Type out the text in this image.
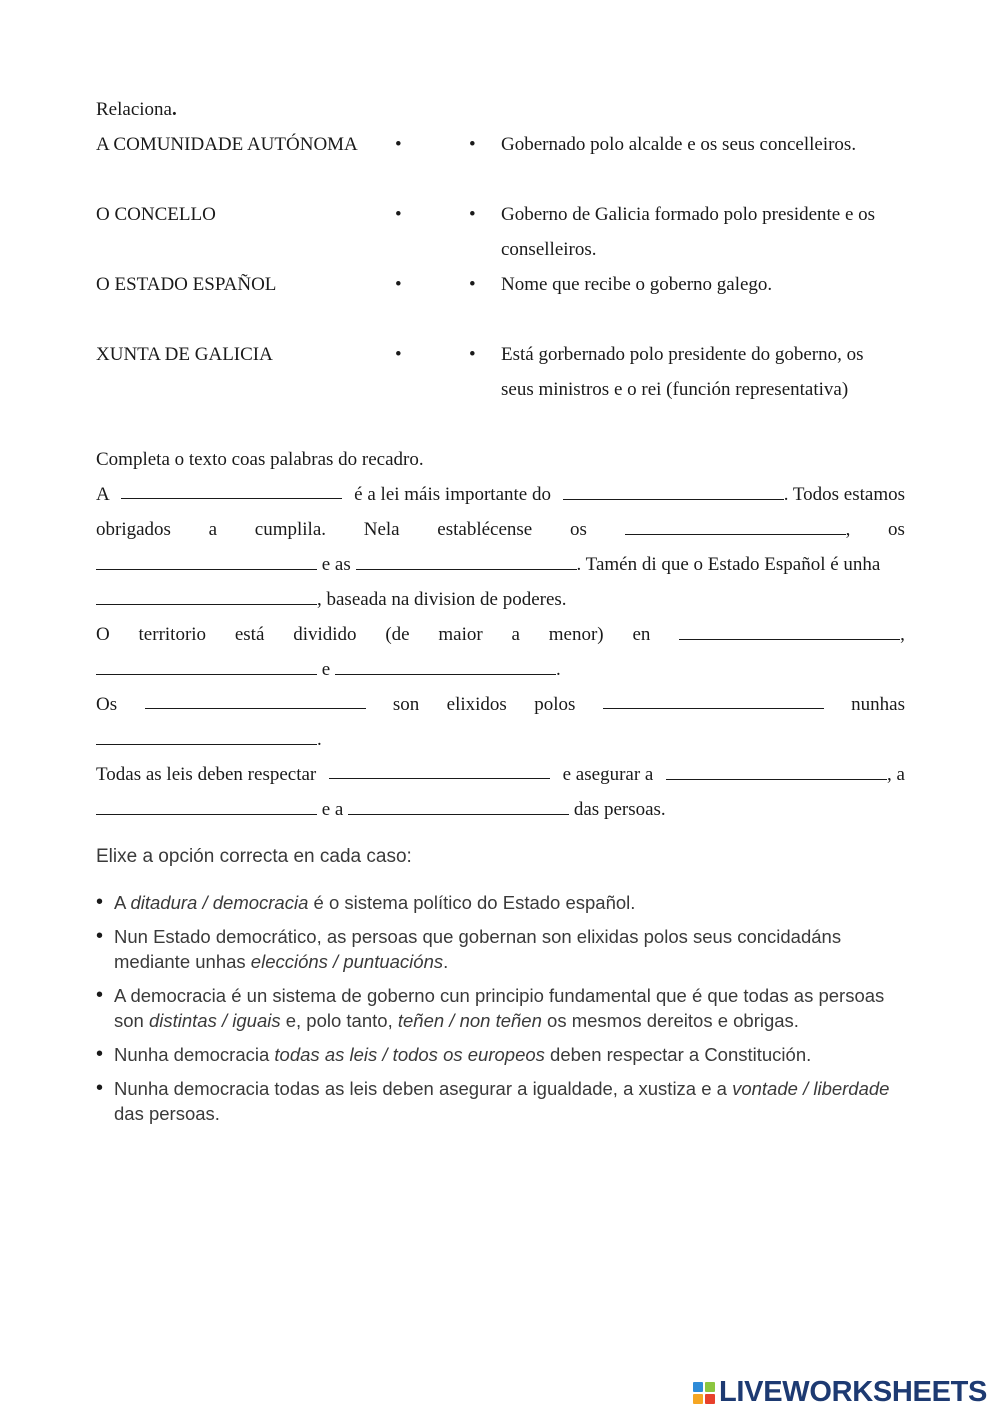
Relaciona.
A COMUNIDADE AUTÓNOMA •	• Gobernado polo alcalde e os seus concelleiros.
O CONCELLO	•	• Goberno de Galicia formado polo presidente e os
conselleiros.
O ESTADO ESPAÑOL	•	• Nome que recibe o goberno galego.
XUNTA DE GALICIA	•	• Está gorbernado polo presidente do goberno, os
seus ministros e o rei (función representativa)
Completa o texto coas palabras do recadro.
A	é a lei máis importante do	. Todos estamos
obrigados a cumplila. Nela establécense os	, os
e as	. Tamén di que o Estado Español é unha
, baseada na division de poderes.
O territorio está dividido (de maior a menor) en	,
e	.
Os	son elixidos polos	nunhas
.
Todas as leis deben respectar	e asegurar a	, a
e a	das persoas.
Elixe a opción correcta en cada caso:
• A ditadura / democracia é o sistema político do Estado español.
• Nun Estado democrático, as persoas que gobernan son elixidas polos seus concidadáns mediante unhas eleccións / puntuacións.
• A democracia é un sistema de goberno cun principio fundamental que é que todas as persoas son distintas / iguais e, polo tanto, teñen / non teñen os mesmos dereitos e obrigas.
• Nunha democracia todas as leis / todos os europeos deben respectar a Constitución.
• Nunha democracia todas as leis deben asegurar a igualdade, a xustiza e a vontade / liberdade das persoas.
LIVEWORKSHEETS
